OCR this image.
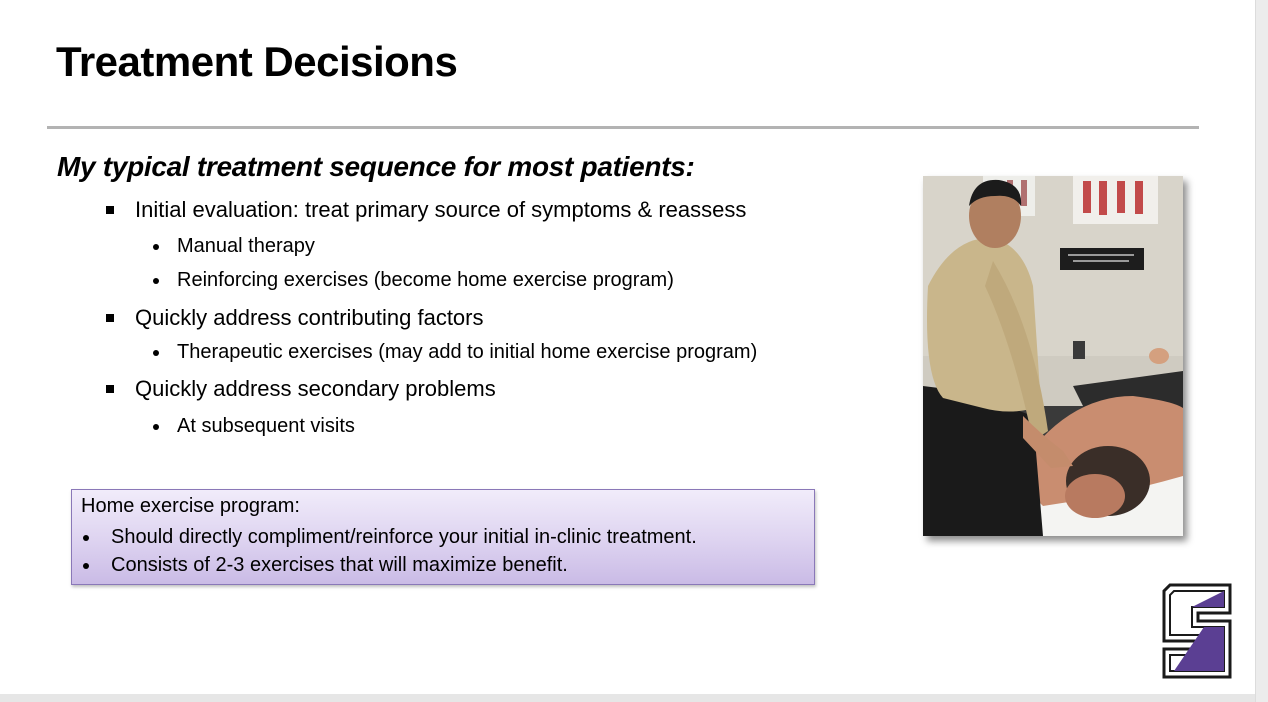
Treatment Decisions
My typical treatment sequence for most patients:
Initial evaluation: treat primary source of symptoms & reassess
Manual therapy
Reinforcing exercises (become home exercise program)
Quickly address contributing factors
Therapeutic exercises (may add to initial home exercise program)
Quickly address secondary problems
At subsequent visits
Home exercise program:
Should directly compliment/reinforce your initial in-clinic treatment.
Consists of 2-3 exercises that will maximize benefit.
